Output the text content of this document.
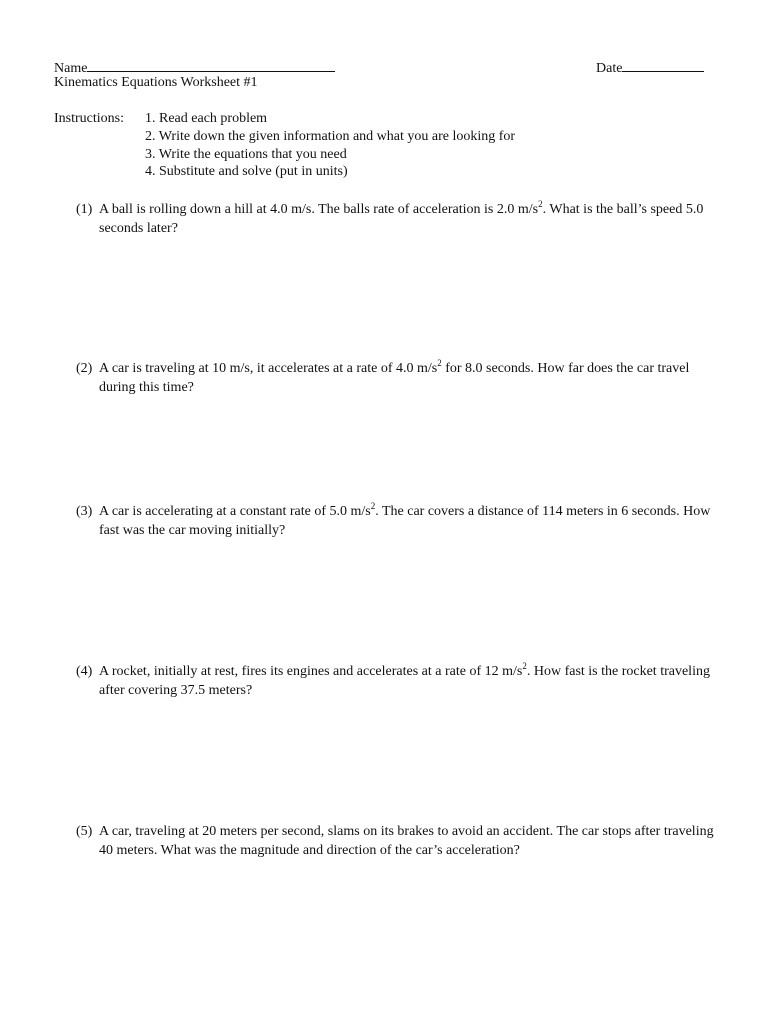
Name	Date
Kinematics Equations Worksheet #1
Instructions: 1. Read each problem
2. Write down the given information and what you are looking for
3. Write the equations that you need
4. Substitute and solve (put in units)
(1) A ball is rolling down a hill at 4.0 m/s. The balls rate of acceleration is 2.0 $m/s^2$. What is the ball’s speed 5.0 seconds later?
(2) A car is traveling at 10 m/s, it accelerates at a rate of 4.0 $m/s^2$ for 8.0 seconds. How far does the car travel during this time?
(3) A car is accelerating at a constant rate of 5.0 $m/s^2$. The car covers a distance of 114 meters in 6 seconds. How fast was the car moving initially?
(4) A rocket, initially at rest, fires its engines and accelerates at a rate of 12 $m/s^2$. How fast is the rocket traveling after covering 37.5 meters?
(5) A car, traveling at 20 meters per second, slams on its brakes to avoid an accident. The car stops after traveling 40 meters. What was the magnitude and direction of the car’s acceleration?
